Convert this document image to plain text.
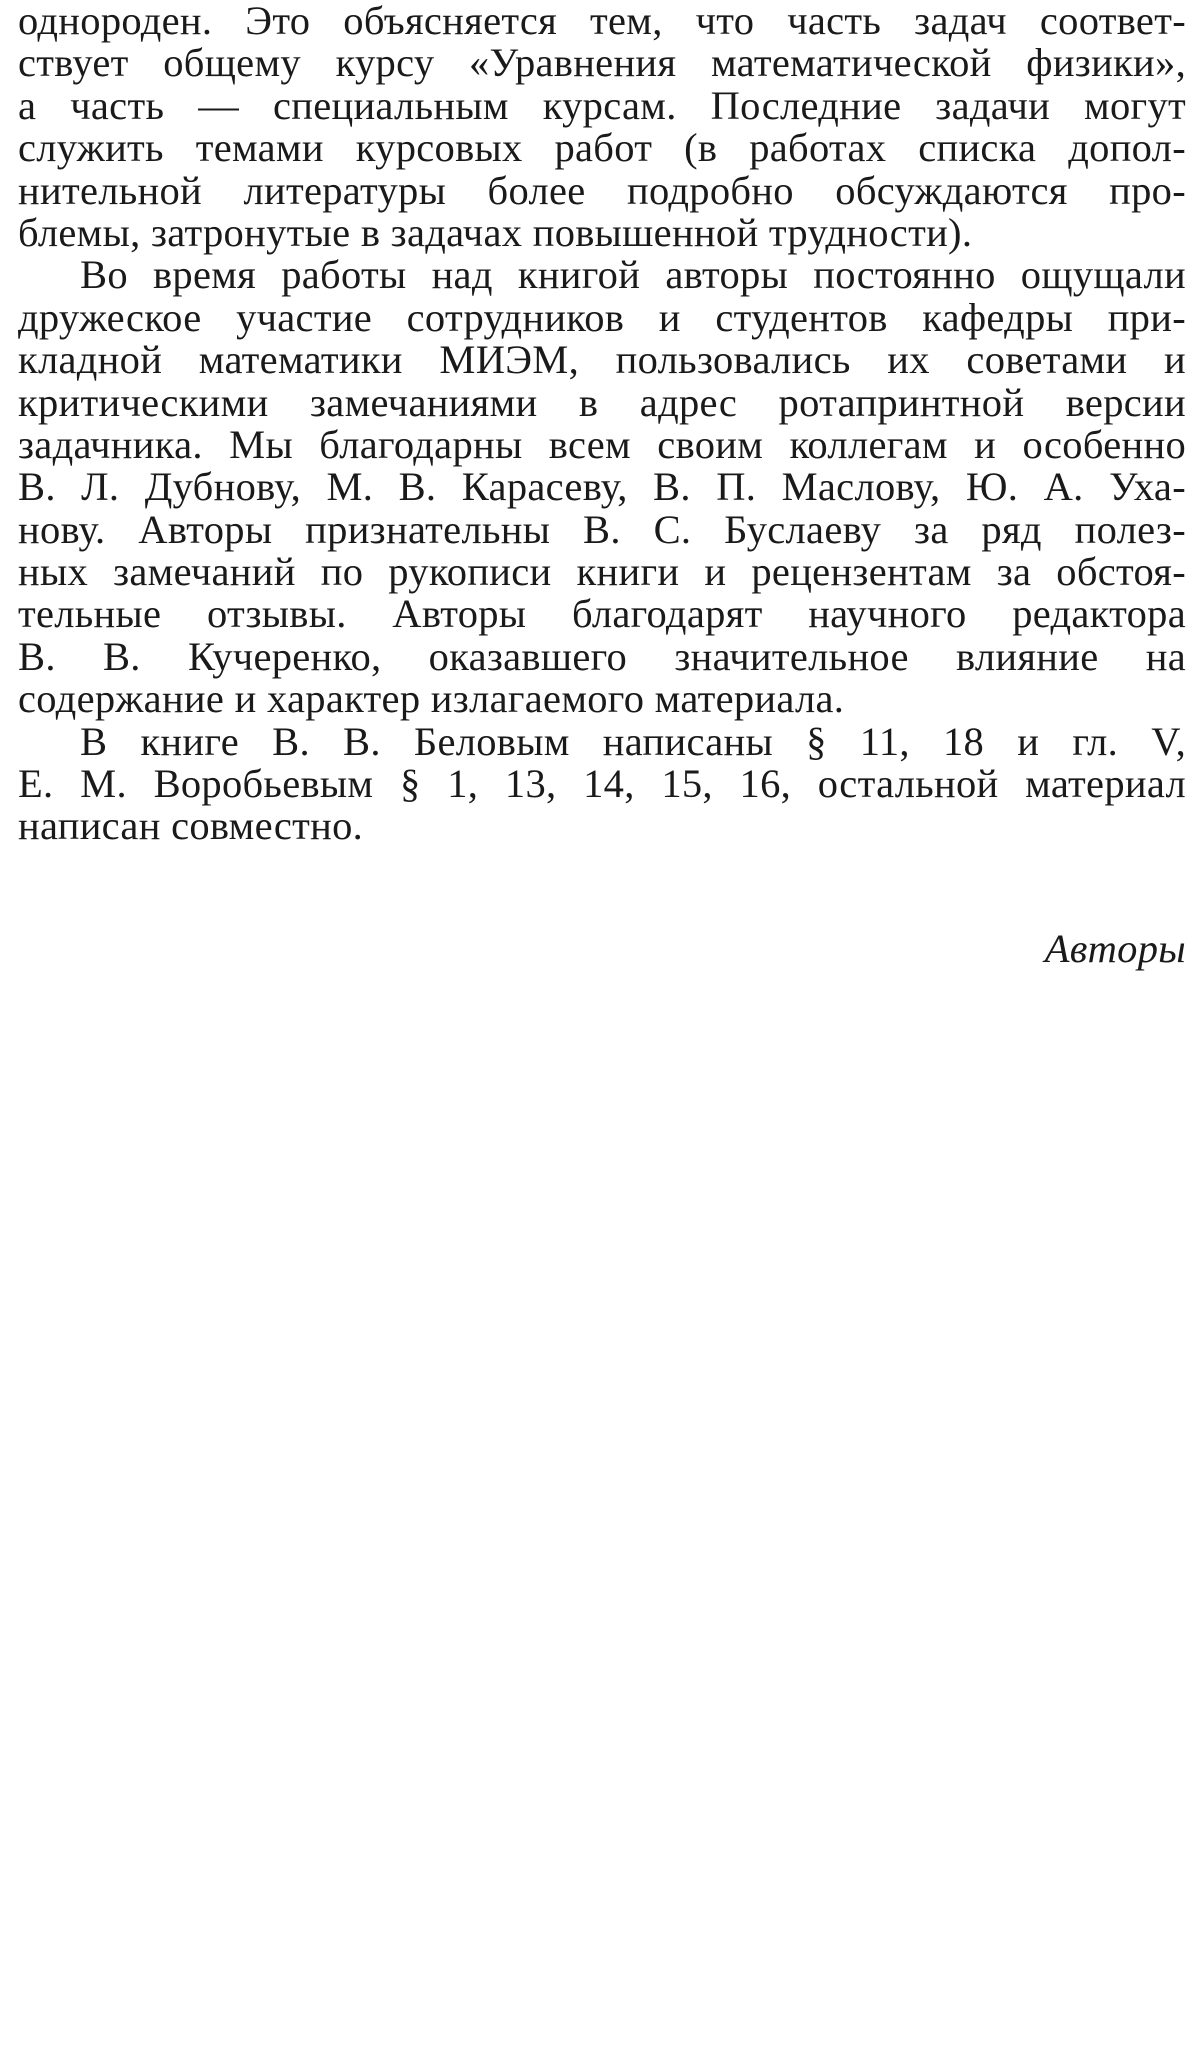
однороден. Это объясняется тем, что часть задач соответ-
ствует общему курсу «Уравнения математической физики»,
а часть — специальным курсам. Последние задачи могут
служить темами курсовых работ (в работах списка допол-
нительной литературы более подробно обсуждаются про-
блемы, затронутые в задачах повышенной трудности).
Во время работы над книгой авторы постоянно ощущали
дружеское участие сотрудников и студентов кафедры при-
кладной математики МИЭМ, пользовались их советами и
критическими замечаниями в адрес ротапринтной версии
задачника. Мы благодарны всем своим коллегам и особенно
В. Л. Дубнову, М. В. Карасеву, В. П. Маслову, Ю. А. Уха-
нову. Авторы признательны В. С. Буслаеву за ряд полез-
ных замечаний по рукописи книги и рецензентам за обстоя-
тельные отзывы. Авторы благодарят научного редактора
В. В. Кучеренко, оказавшего значительное влияние на
содержание и характер излагаемого материала.
В книге В. В. Беловым написаны § 11, 18 и гл. V,
Е. М. Воробьевым § 1, 13, 14, 15, 16, остальной материал
написан совместно.
Авторы
